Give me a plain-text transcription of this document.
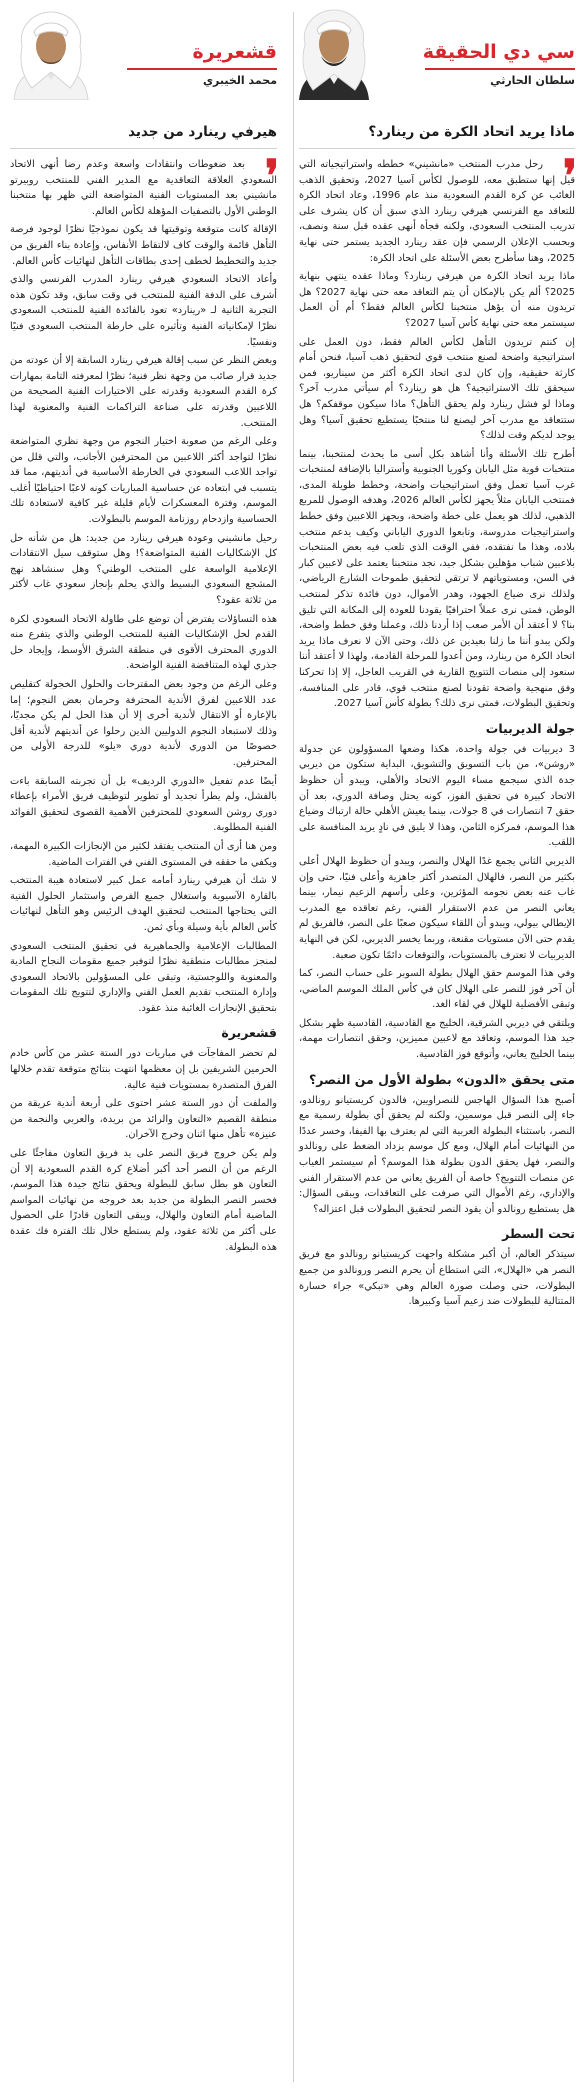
سي دي الحقيقة
سلطان الحارثي
ماذا يريد اتحاد الكرة من رينارد؟
❜

رحل مدرب المنتخب «مانشيني» خططه واستراتيجياته التي قيل إنها ستطبق معه، للوصول لكأس آسيا 2027، وتحقيق الذهب الغائب عن كرة القدم السعودية منذ عام 1996، وعاد اتحاد الكرة للتعاقد مع الفرنسي هيرفي رينارد الذي سبق أن كان يشرف على تدريب المنتخب السعودي، ولكنه فجأة أنهى عقده قبل سنة ونصف، وبحسب الإعلان الرسمي فإن عقد رينارد الجديد يستمر حتى نهاية 2025، وهنا سأطرح بعض الأسئلة على اتحاد الكرة:

ماذا يريد اتحاد الكرة من هيرفي رينارد؟ وماذا عقده ينتهي بنهاية 2025؟ ألم يكن بالإمكان أن يتم التعاقد معه حتى نهاية 2027؟ هل تريدون منه أن يؤهل منتخبنا لكأس العالم فقط؟ أم أن العمل سيستمر معه حتى نهاية كأس آسيا 2027؟

إن كنتم تريدون التأهل لكأس العالم فقط، دون العمل على استراتيجية واضحة لصنع منتخب قوي لتحقيق ذهب آسيا، فنحن أمام كارثة حقيقية، وإن كان لدى اتحاد الكرة أكثر من سيناريو، فمن سيحقق تلك الاستراتيجية؟ هل هو رينارد؟ أم سيأتي مدرب آخر؟ وماذا لو فشل رينارد ولم يحقق التأهل؟ ماذا سيكون موقفكم؟ هل ستتعاقد مع مدرب آخر ليصنع لنا منتخبًا يستطيع تحقيق آسيا؟ وهل يوجد لديكم وقت لذلك؟

أطرح تلك الأسئلة وأنا أشاهد بكل أسى ما يحدث لمنتخبنا، بينما منتخبات قوية مثل اليابان وكوريا الجنوبية وأستراليا بالإضافة لمنتخبات غرب آسيا تعمل وفق استراتيجيات واضحة، وخطط طويلة المدى، فمنتخب اليابان مثلاً يجهز لكأس العالم 2026، وهدفه الوصول للمربع الذهبي، لذلك هو يعمل على خطة واضحة، ويجهز اللاعبين وفق خطط واستراتيجيات مدروسة، وتابعوا الدوري الياباني وكيف يدعم منتخب بلاده، وهذا ما نفتقده، ففي الوقت الذي تلعب فيه بعض المنتخبات بلاعبين شباب مؤهلين بشكل جيد، نجد منتخبنا يعتمد على لاعبين كبار في السن، ومستوياتهم لا ترتقي لتحقيق طموحات الشارع الرياضي، ولذلك نرى ضياع الجهود، وهدر الأموال، دون فائدة تذكر لمنتخب الوطن، فمتى نرى عملاً احترافيًا يقودنا للعودة إلى المكانة التي تليق بنا؟ لا أعتقد أن الأمر صعب إذا أردنا ذلك، وعملنا وفق خطط واضحة، ولكن يبدو أننا ما زلنا بعيدين عن ذلك، وحتى الآن لا نعرف ماذا يريد اتحاد الكرة من رينارد، ومن أعدوا للمرحلة القادمة، ولهذا لا أعتقد أننا سنعود إلى منصات التتويج القارية في القريب العاجل، إلا إذا تحركنا وفق منهجية واضحة تقودنا لصنع منتخب قوي، قادر على المنافسة، وتحقيق البطولات، فمتى نرى ذلك؟ بطولة كأس آسيا 2027.

جولة الديربيات

3 ديربيات في جولة واحدة، هكذا وضعها المسؤولون عن جدولة «روشن»، من باب التسويق والتشويق، البداية ستكون من ديربي جدة الذي سيجمع مساء اليوم الاتحاد والأهلي، ويبدو أن حظوظ الاتحاد كبيرة في تحقيق الفوز، كونه يحتل وصافة الدوري، بعد أن حقق 7 انتصارات في 8 جولات، بينما يعيش الأهلي حالة ارتباك وضياع هذا الموسم، فمركزه الثامن، وهذا لا يليق في نادٍ يريد المنافسة على اللقب.

الديربي الثاني يجمع غدًا الهلال والنصر، ويبدو أن حظوظ الهلال أعلى بكثير من النصر، فالهلال المتصدر أكثر جاهزية وأعلى فنيًا، حتى وإن غاب عنه بعض نجومه المؤثرين، وعلى رأسهم الزعيم نيمار، بينما يعاني النصر من عدم الاستقرار الفني، رغم تعاقده مع المدرب الإيطالي بيولي، ويبدو أن اللقاء سيكون صعبًا على النصر، فالفريق لم يقدم حتى الآن مستويات مقنعة، وربما يخسر الديربي، لكن في النهاية الديربيات لا تعترف بالمستويات، والتوقعات دائمًا تكون صعبة.

وفي هذا الموسم حقق الهلال بطولة السوبر على حساب النصر، كما أن آخر فوز للنصر على الهلال كان في كأس الملك الموسم الماضي، وتبقى الأفضلية للهلال في لقاء الغد.

ويلتقي في ديربي الشرقية، الخليج مع القادسية، القادسية ظهر بشكل جيد هذا الموسم، وتعاقد مع لاعبين مميزين، وحقق انتصارات مهمة، بينما الخليج يعاني، وأتوقع فوز القادسية.

متى يحقق «الدون» بطولة الأول من النصر؟

أصبح هذا السؤال الهاجس للنصراويين، فالدون كريستيانو رونالدو، جاء إلى النصر قبل موسمين، ولكنه لم يحقق أي بطولة رسمية مع النصر، باستثناء البطولة العربية التي لم يعترف بها الفيفا، وخسر عددًا من النهائيات أمام الهلال، ومع كل موسم يزداد الضغط على رونالدو والنصر، فهل يحقق الدون بطولة هذا الموسم؟ أم سيستمر الغياب عن منصات التتويج؟ خاصة أن الفريق يعاني من عدم الاستقرار الفني والإداري، رغم الأموال التي صرفت على التعاقدات، ويبقى السؤال: هل يستطيع رونالدو أن يقود النصر لتحقيق البطولات قبل اعتزاله؟

تحت السطر

سيتذكر العالم، أن أكبر مشكلة واجهت كريستيانو رونالدو مع فريق النصر هي «الهلال»، التي استطاع أن يحرم النصر ورونالدو من جميع البطولات، حتى وصلت صورة العالم وهي «تبكي» جراء خسارة المتتالية للبطولات ضد زعيم آسيا وكبيرها.

قشعريرة
محمد الخيبري
هيرفي رينارد من جديد
❜

بعد ضغوطات وانتقادات واسعة وعدم رضا أنهى الاتحاد السعودي العلاقة التعاقدية مع المدير الفني للمنتخب روبيرتو مانشيني بعد المستويات الفنية المتواضعة التي ظهر بها منتخبنا الوطني الأول بالتصفيات المؤهلة لكأس العالم.

الإقالة كانت متوقعة وتوقيتها قد يكون نموذجيًا نظرًا لوجود فرصة التأهل قائمة والوقت كاف لالتقاط الأنفاس، وإعادة بناء الفريق من جديد والتخطيط لخطف إحدى بطاقات التأهل لنهائيات كأس العالم.

وأعاد الاتحاد السعودي هيرفي رينارد المدرب الفرنسي والذي أشرف على الدفة الفنية للمنتخب في وقت سابق، وقد تكون هذه التجربة الثانية لـ «رينارد» تعود بالفائدة الفنية للمنتخب السعودي نظرًا لإمكانياته الفنية وتأثيره على خارطة المنتخب السعودي فنيًا ونفسيًا.

وبغض النظر عن سبب إقالة هيرفي رينارد السابقة إلا أن عودته من جديد قرار صائب من وجهة نظر فنية؛ نظرًا لمعرفته التامة بمهارات كرة القدم السعودية وقدرته على الاختيارات الفنية الصحيحة من اللاعبين وقدرته على صناعة التراكمات الفنية والمعنوية لهذا المنتخب.

وعلى الرغم من صعوبة اختيار النجوم من وجهة نظري المتواضعة نظرًا لتواجد أكثر اللاعبين من المحترفين الأجانب، والتي قلل من تواجد اللاعب السعودي في الخارطة الأساسية في أنديتهم، مما قد يتسبب في ابتعاده عن حساسية المباريات كونه لاعبًا احتياطيًا أغلب الموسم، وفترة المعسكرات لأيام قليلة غير كافية لاستعادة تلك الحساسية وازدحام روزنامة الموسم بالبطولات.

رحيل مانشيني وعودة هيرفي رينارد من جديد: هل من شأنه حل كل الإشكاليات الفنية المتواضعة؟! وهل ستوقف سيل الانتقادات الإعلامية الواسعة على المنتخب الوطني؟ وهل سنشاهد نهج المشجع السعودي البسيط والذي يحلم بإنجاز سعودي غاب لأكثر من ثلاثة عقود؟

هذه التساؤلات يفترض أن توضع على طاولة الاتحاد السعودي لكرة القدم لحل الإشكاليات الفنية للمنتخب الوطني والذي يتفرع منه الدوري المحترف الأقوى في منطقة الشرق الأوسط، وإيجاد حل جذري لهذه المتناقضة الفنية الواضحة.

وعلى الرغم من وجود بعض المقترحات والحلول الخجولة كتقليص عدد اللاعبين لفرق الأندية المحترفة وحرمان بعض النجوم؛ إما بالإعارة أو الانتقال لأندية أخرى إلا أن هذا الحل لم يكن مجديًا، وذلك لاستبعاد النجوم الدوليين الذين رحلوا عن أنديتهم لأندية أقل خصوصًا من الدوري لأندية دوري «يلو» للدرجة الأولى من المحترفين.

أيضًا عدم تفعيل «الدوري الرديف» بل أن تجربته السابقة باءت بالفشل، ولم يطرأ تجديد أو تطوير لتوظيف فريق الأمراء بإعطاء دوري روشن السعودي للمحترفين الأهمية القصوى لتحقيق الفوائد الفنية المطلوبة.

ومن هنا أرى أن المنتخب يفتقد لكثير من الإنجازات الكبيرة المهمة، ويكفي ما حققه في المستوى الفني في الفترات الماضية.

لا شك أن هيرفي رينارد أمامه عمل كبير لاستعادة هيبة المنتخب بالقارة الآسيوية واستغلال جميع الفرص واستثمار الحلول الفنية التي يحتاجها المنتخب لتحقيق الهدف الرئيس وهو التأهل لنهائيات كأس العالم بأية وسيلة وبأي ثمن.

المطالبات الإعلامية والجماهيرية في تحقيق المنتخب السعودي لمنجز مطالبات منطقية نظرًا لتوفير جميع مقومات النجاح المادية والمعنوية واللوجستية، وتبقى على المسؤولين بالاتحاد السعودي وإدارة المنتخب تقديم العمل الفني والإداري لتتويج تلك المقومات بتحقيق الإنجازات الغائبة منذ عقود.

قشعريرة

لم تحضر المفاجآت في مباريات دور الستة عشر من كأس خادم الحرمين الشريفين بل إن معظمها انتهت بنتائج متوقعة تقدم خلالها الفرق المتصدرة بمستويات فنية عالية.

والملفت أن دور الستة عشر احتوى على أربعة أندية عريقة من منطقة القصيم «التعاون والرائد من بريدة، والعربي والنجمة من عنيزة» تأهل منها اثنان وخرج الآخران.

ولم يكن خروج فريق النصر على يد فريق التعاون مفاجئًا على الرغم من أن النصر أحد أكبر أضلاع كرة القدم السعودية إلا أن التعاون هو بطل سابق للبطولة ويحقق نتائج جيدة هذا الموسم، فخسر النصر البطولة من جديد بعد خروجه من نهائيات المواسم الماضية أمام التعاون والهلال، ويبقى التعاون قادرًا على الحصول على أكثر من ثلاثة عقود، ولم يستطع خلال تلك الفترة فك عقدة هذه البطولة.
